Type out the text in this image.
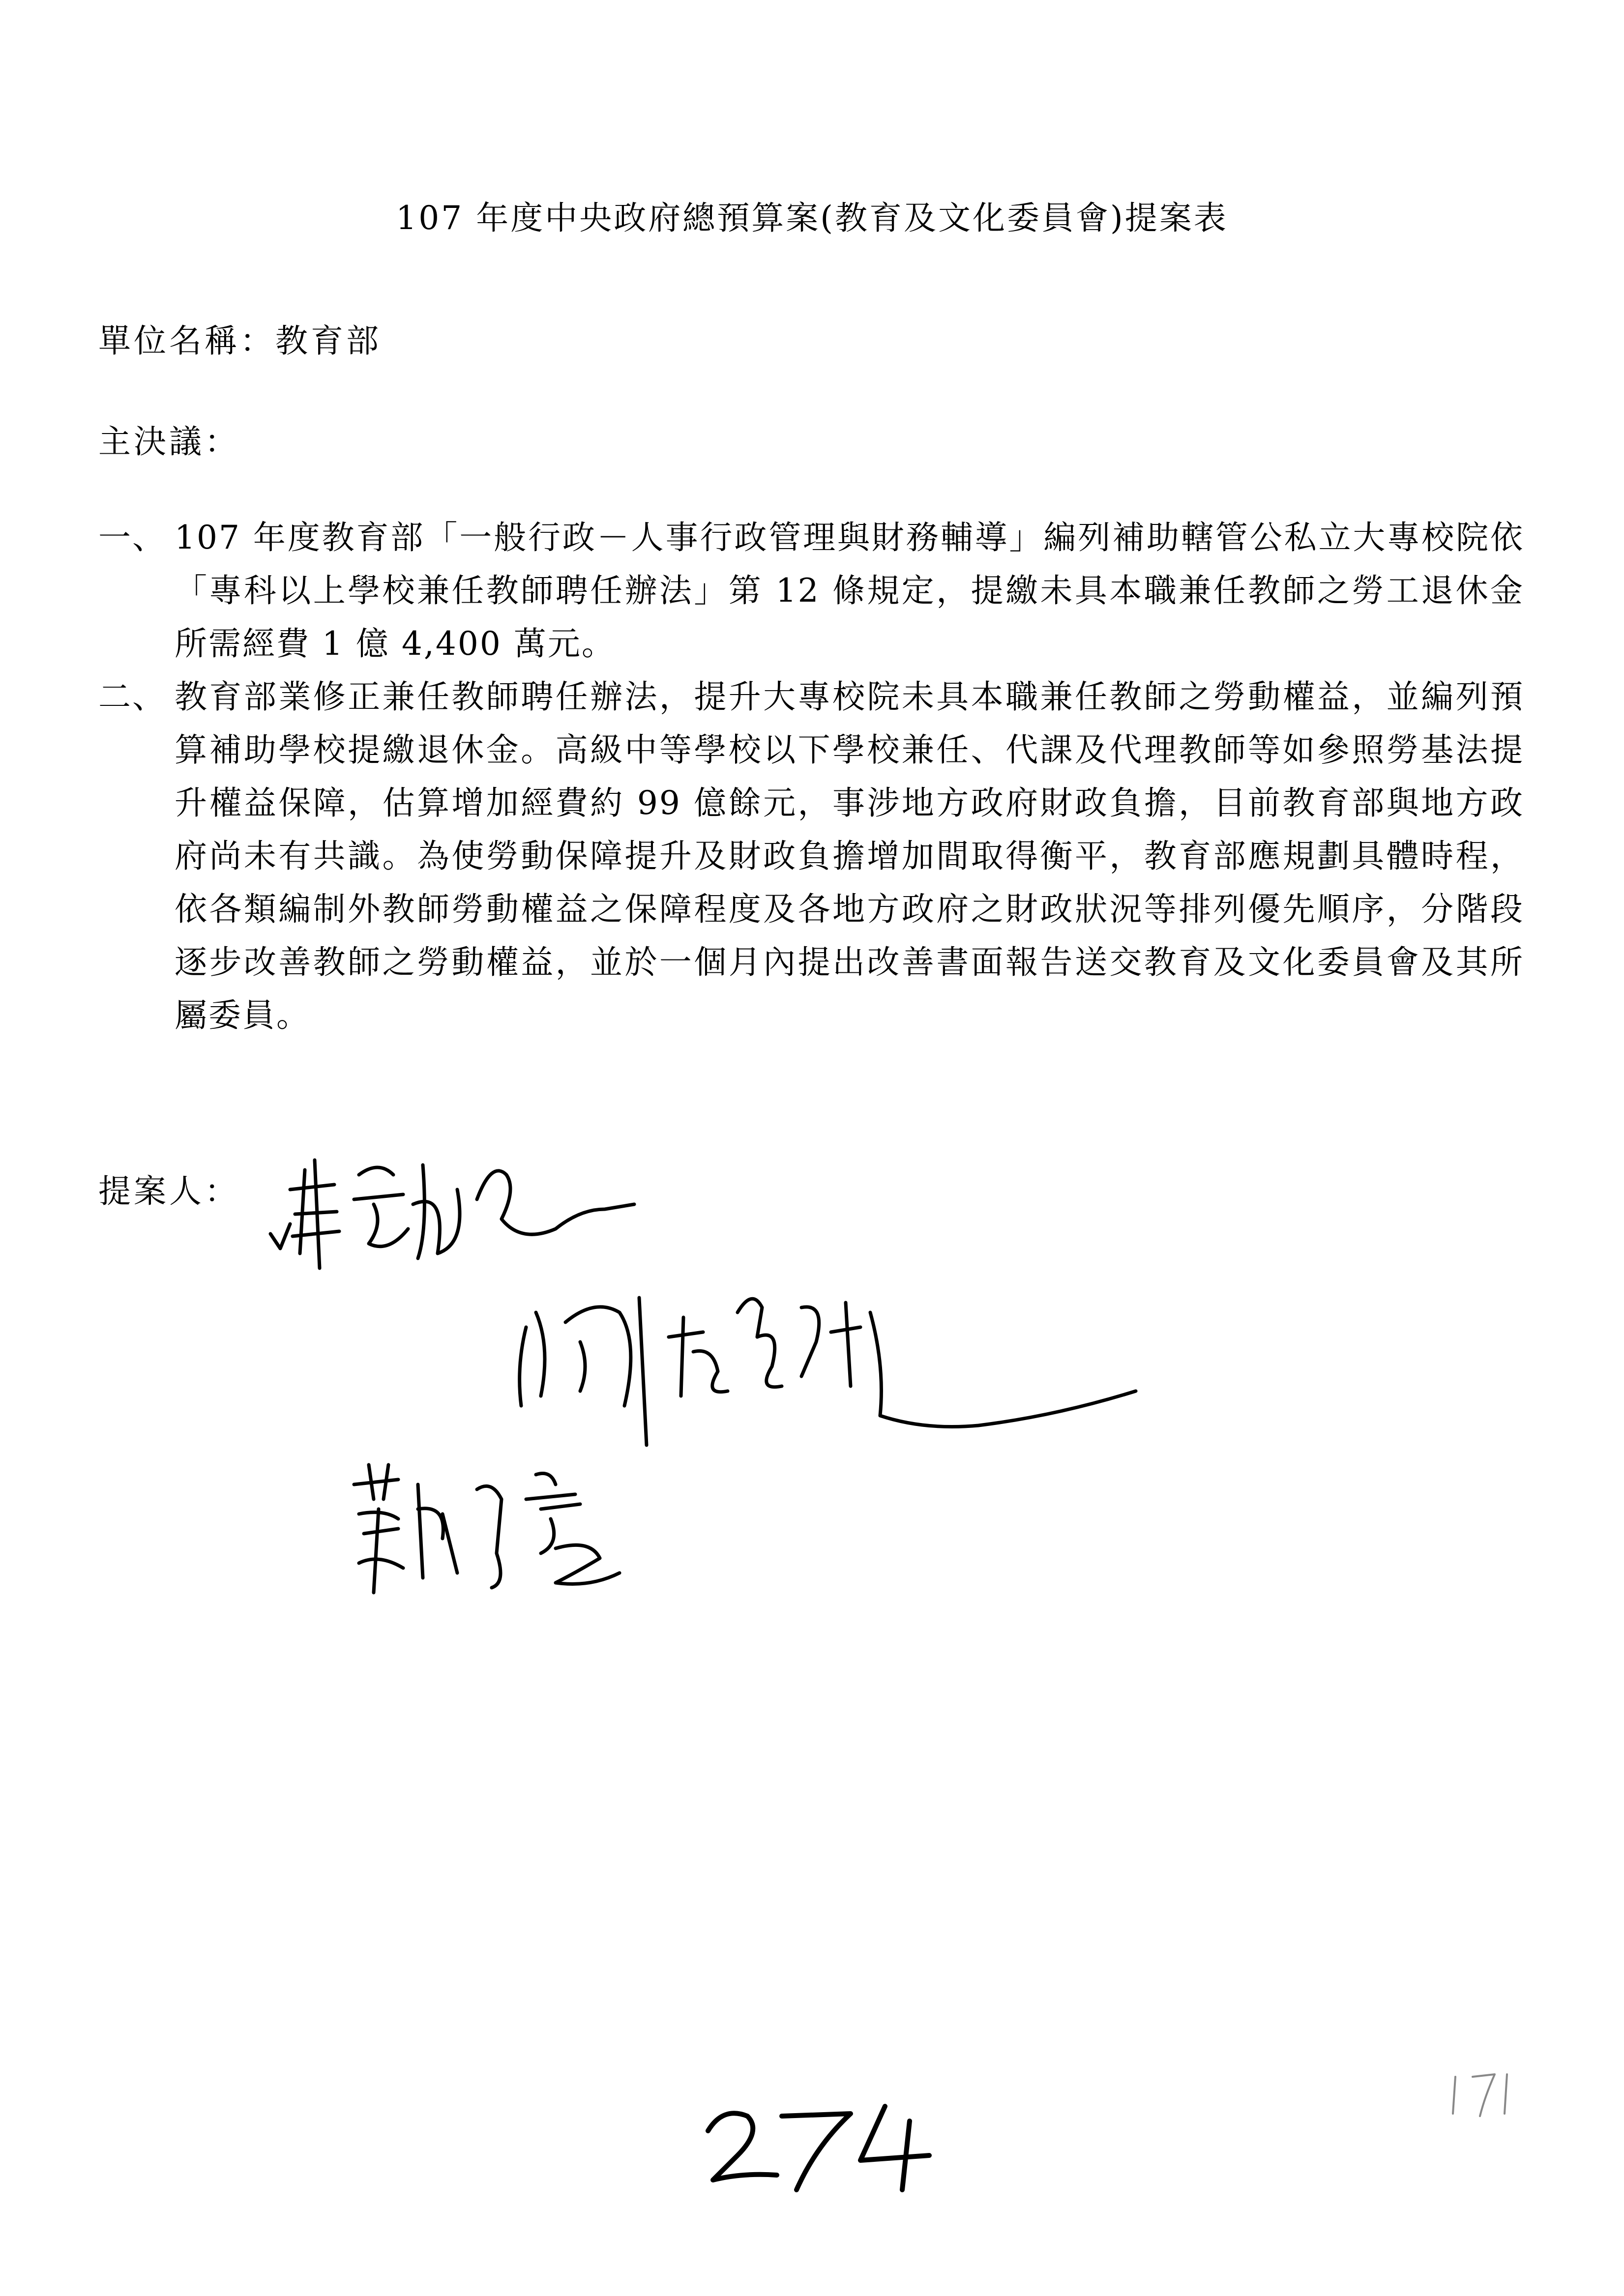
107 年度中央政府總預算案(教育及文化委員會)提案表
單位名稱：教育部
主決議：
一、 107 年度教育部「一般行政－人事行政管理與財務輔導」編列補助轄管公私立大專校院依「專科以上學校兼任教師聘任辦法」第 12 條規定，提繳未具本職兼任教師之勞工退休金所需經費 1 億 4,400 萬元。
二、 教育部業修正兼任教師聘任辦法，提升大專校院未具本職兼任教師之勞動權益，並編列預算補助學校提繳退休金。高級中等學校以下學校兼任、代課及代理教師等如參照勞基法提升權益保障，估算增加經費約 99 億餘元，事涉地方政府財政負擔，目前教育部與地方政府尚未有共識。為使勞動保障提升及財政負擔增加間取得衡平，教育部應規劃具體時程，依各類編制外教師勞動權益之保障程度及各地方政府之財政狀況等排列優先順序，分階段逐步改善教師之勞動權益，並於一個月內提出改善書面報告送交教育及文化委員會及其所屬委員。
提案人：
